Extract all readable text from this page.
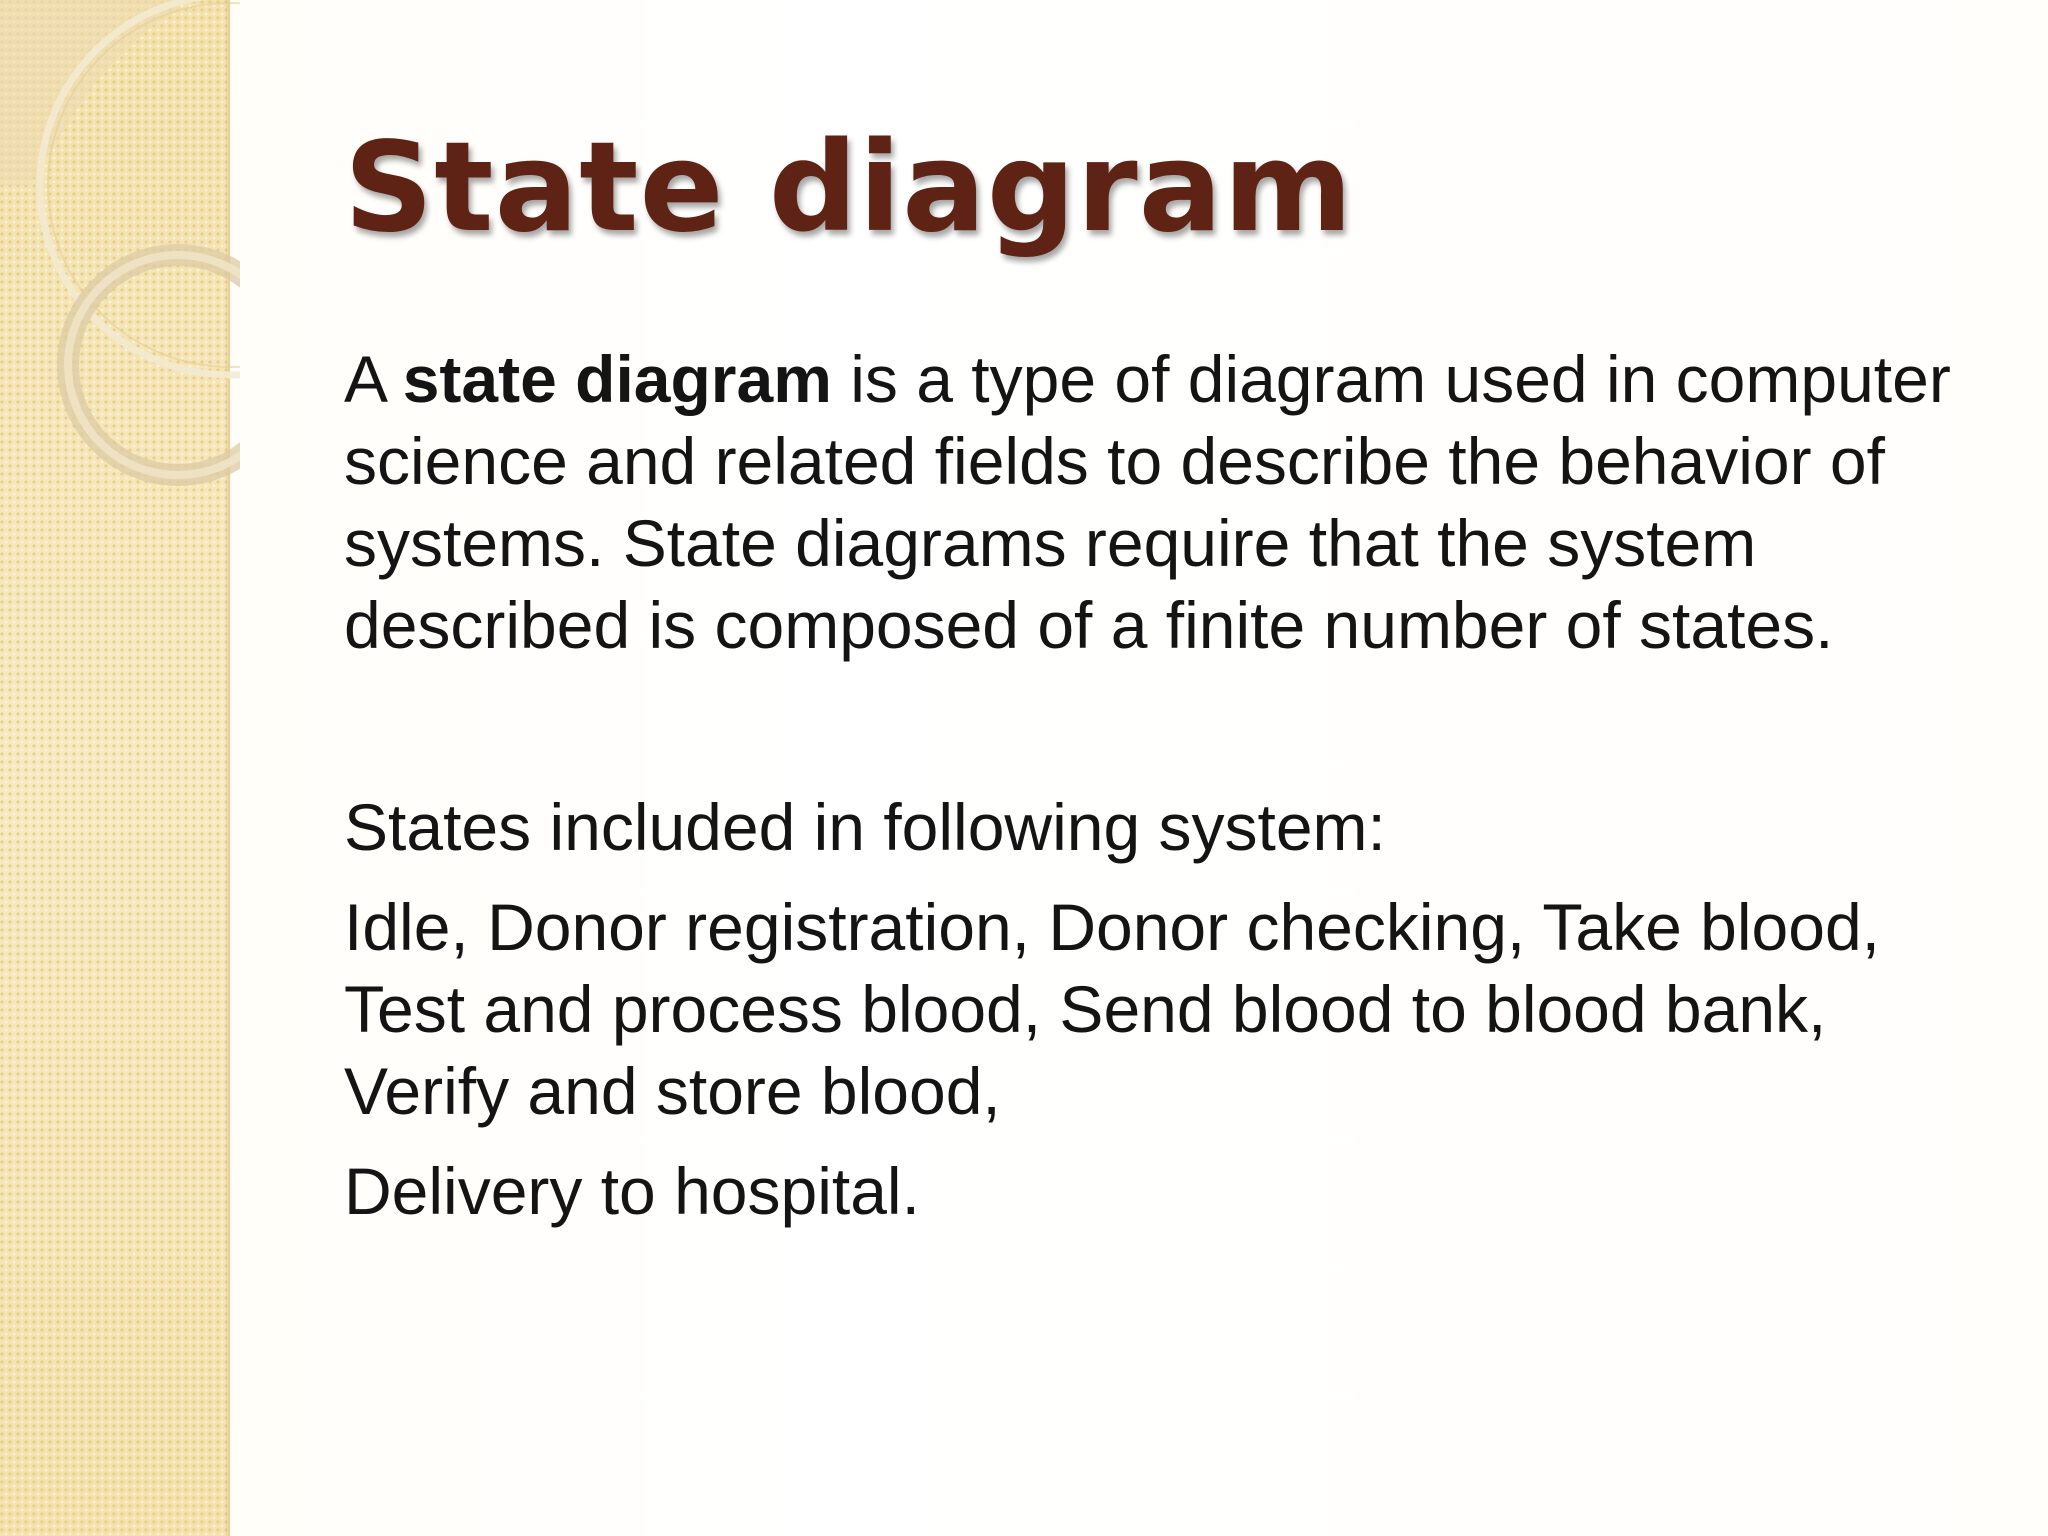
State diagram

A state diagram is a type of diagram used in computer science and related fields to describe the behavior of systems. State diagrams require that the system described is composed of a finite number of states.

States included in following system:

Idle, Donor registration, Donor checking, Take blood, Test and process blood, Send blood to blood bank, Verify and store blood,

Delivery to hospital.
